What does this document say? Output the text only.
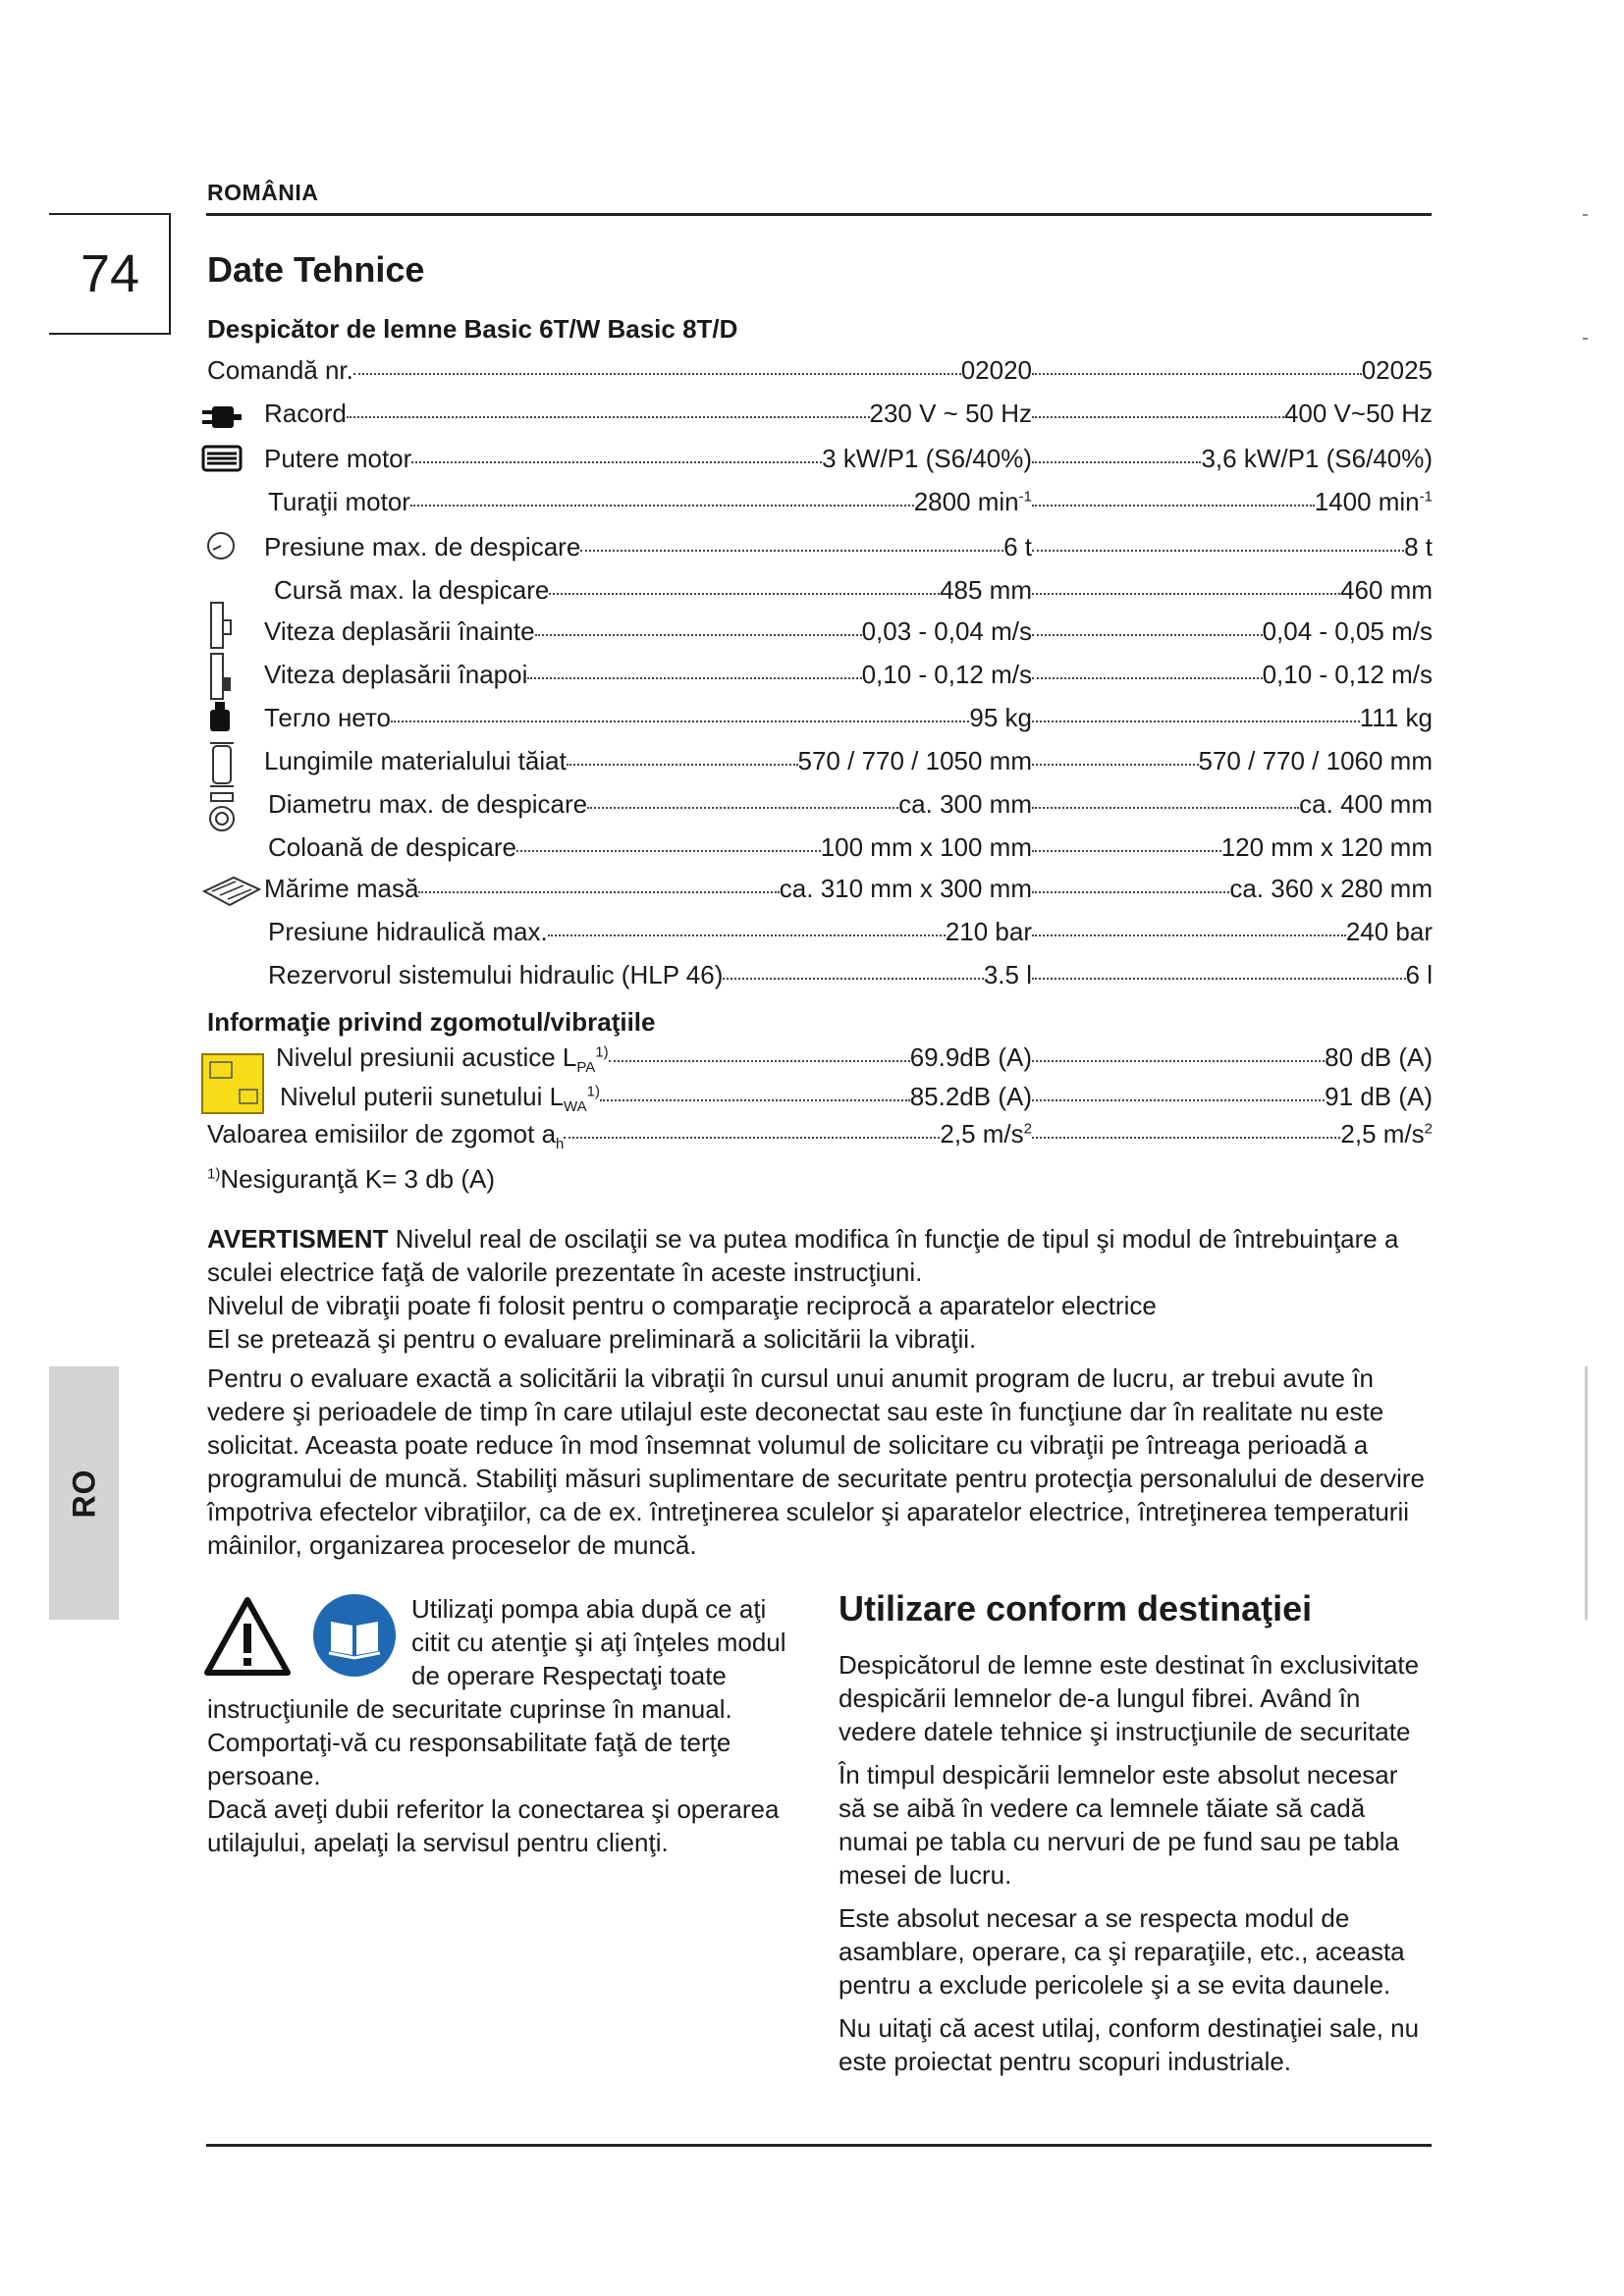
ROMÂNIA
74	Date Tehnice
Despicător de lemne Basic 6T/W Basic 8T/D
Comandă nr.	02020	02025
Racord	230 V ~ 50 Hz	400 V~50 Hz
Putere motor	3 kW/P1 (S6/40%)	3,6 kW/P1 (S6/40%)
Turaţii motor	2800 $\min^{-1}$	1400 $\min^{-1}$
Presiune max. de despicare	6 t	8 t
Cursă max. la despicare	485 mm	460 mm
Viteza deplasării înainte	0,03 - 0,04 m/s	0,04 - 0,05 m/s
Viteza deplasării înapoi	0,10 - 0,12 m/s	0,10 - 0,12 m/s
Тегло нето	95 kg	111 kg
Lungimile materialului tăiat	570 / 770 / 1050 mm	570 / 770 / 1060 mm
Diametru max. de despicare	ca. 300 mm	ca. 400 mm
Coloană de despicare	100 mm x 100 mm	120 mm x 120 mm
Mărime masă	ca. 310 mm x 300 mm	ca. 360 x 280 mm
Presiune hidraulică max.	210 bar	240 bar
Rezervorul sistemului hidraulic (HLP 46)	3.5 l	6 l
Informaţie privind zgomotul/vibraţiile
Nivelul presiunii acustice $L_{PA}^{1)}$	69.9dB (A)	80 dB (A)
Nivelul puterii sunetului $L_{WA}^{1)}$	85.2dB (A)	91 dB (A)
Valoarea emisiilor de zgomot $a_h$	2,5 $m/s^2$	2,5 $m/s^2$
$^{1)}$Nesiguranţă K= 3 db (A)

AVERTISMENT Nivelul real de oscilaţii se va putea modifica în funcţie de tipul şi modul de întrebuinţare a sculei electrice faţă de valorile prezentate în aceste instrucţiuni.

Nivelul de vibraţii poate fi folosit pentru o comparaţie reciprocă a aparatelor electrice

El se pretează şi pentru o evaluare preliminară a solicitării la vibraţii.

Pentru o evaluare exactă a solicitării la vibraţii în cursul unui anumit program de lucru, ar trebui avute în vedere şi perioadele de timp în care utilajul este deconectat sau este în funcţiune dar în realitate nu este solicitat. Aceasta poate reduce în mod însemnat volumul de solicitare cu vibraţii pe întreaga perioadă a programului de muncă. Stabiliţi măsuri suplimentare de securitate pentru protecţia personalului de deservire împotriva efectelor vibraţiilor, ca de ex. întreţinerea sculelor şi aparatelor electrice, întreţinerea temperaturii mâinilor, organizarea proceselor de muncă.

Utilizaţi pompa abia după ce aţi citit cu atenţie şi aţi înţeles modul de operare Respectaţi toate
instrucţiunile de securitate cuprinse în manual. Comportaţi-vă cu responsabilitate faţă de terţe persoane.
Dacă aveţi dubii referitor la conectarea şi operarea utilajului, apelaţi la servisul pentru clienţi.
Utilizare conform destinaţiei

Despicătorul de lemne este destinat în exclusivitate despicării lemnelor de-a lungul fibrei. Având în vedere datele tehnice şi instrucţiunile de securitate

În timpul despicării lemnelor este absolut necesar să se aibă în vedere ca lemnele tăiate să cadă numai pe tabla cu nervuri de pe fund sau pe tabla mesei de lucru.

Este absolut necesar a se respecta modul de asamblare, operare, ca şi reparaţiile, etc., aceasta pentru a exclude pericolele şi a se evita daunele.

Nu uitaţi că acest utilaj, conform destinaţiei sale, nu este proiectat pentru scopuri industriale.

RO
